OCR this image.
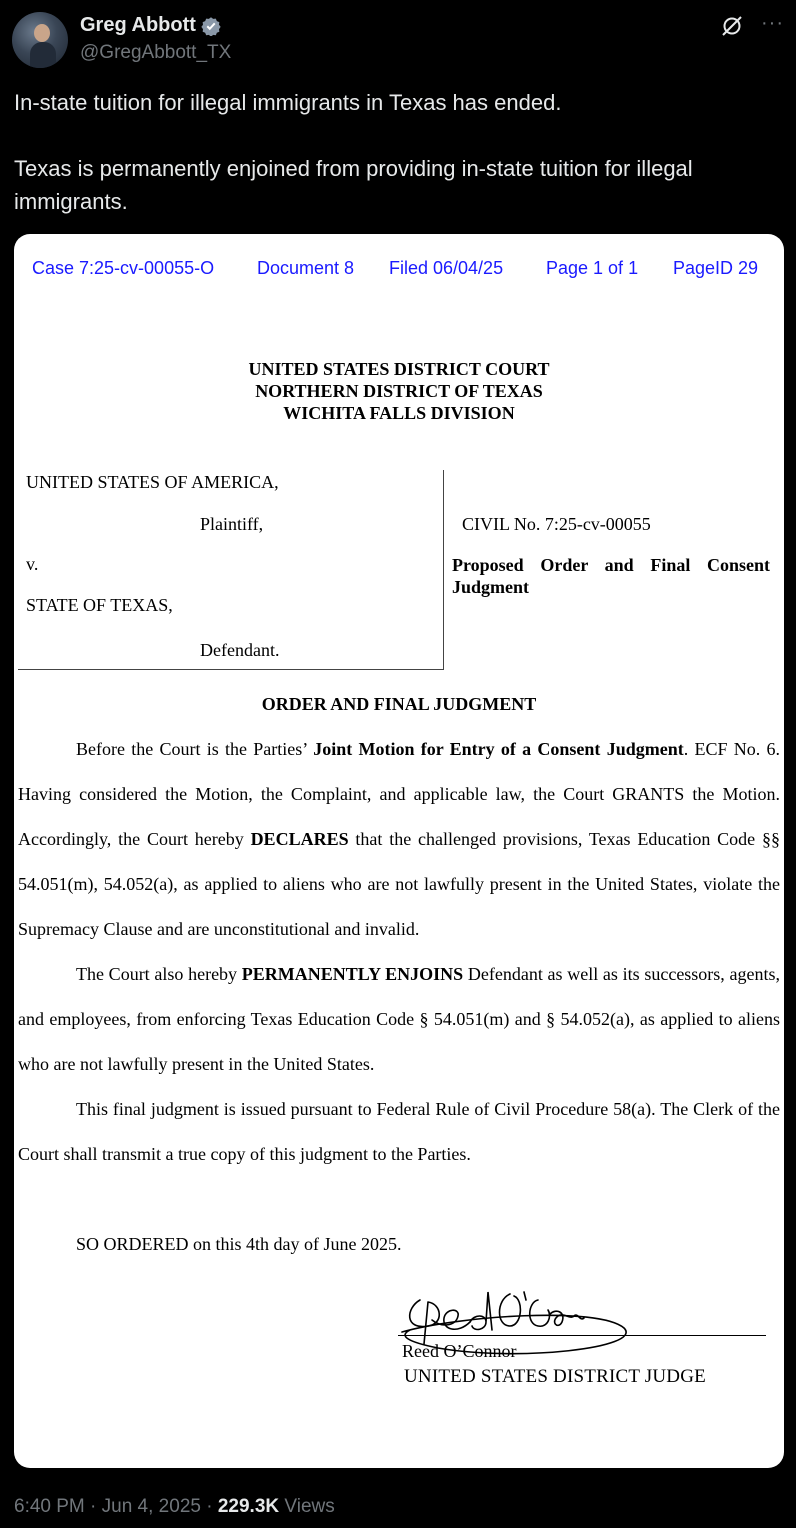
Greg Abbott
@GregAbbott_TX
···

In-state tuition for illegal immigrants in Texas has ended.

Texas is permanently enjoined from providing in-state tuition for illegal immigrants.

Case 7:25-cv-00055-O Document 8 Filed 06/04/25 Page 1 of 1 PageID 29
UNITED STATES DISTRICT COURT
NORTHERN DISTRICT OF TEXAS
WICHITA FALLS DIVISION
UNITED STATES OF AMERICA,
Plaintiff,
v.
STATE OF TEXAS,
Defendant.
CIVIL No. 7:25-cv-00055
Proposed Order and Final Consent Judgment
ORDER AND FINAL JUDGMENT
Before the Court is the Parties’ Joint Motion for Entry of a Consent Judgment. ECF No. 6. Having considered the Motion, the Complaint, and applicable law, the Court GRANTS the Motion. Accordingly, the Court hereby DECLARES that the challenged provisions, Texas Education Code §§ 54.051(m), 54.052(a), as applied to aliens who are not lawfully present in the United States, violate the Supremacy Clause and are unconstitutional and invalid.
The Court also hereby PERMANENTLY ENJOINS Defendant as well as its successors, agents, and employees, from enforcing Texas Education Code § 54.051(m) and § 54.052(a), as applied to aliens who are not lawfully present in the United States.
This final judgment is issued pursuant to Federal Rule of Civil Procedure 58(a). The Clerk of the Court shall transmit a true copy of this judgment to the Parties.
SO ORDERED on this 4th day of June 2025.
Reed O’Connor
UNITED STATES DISTRICT JUDGE
6:40 PM · Jun 4, 2025 · 229.3K Views
